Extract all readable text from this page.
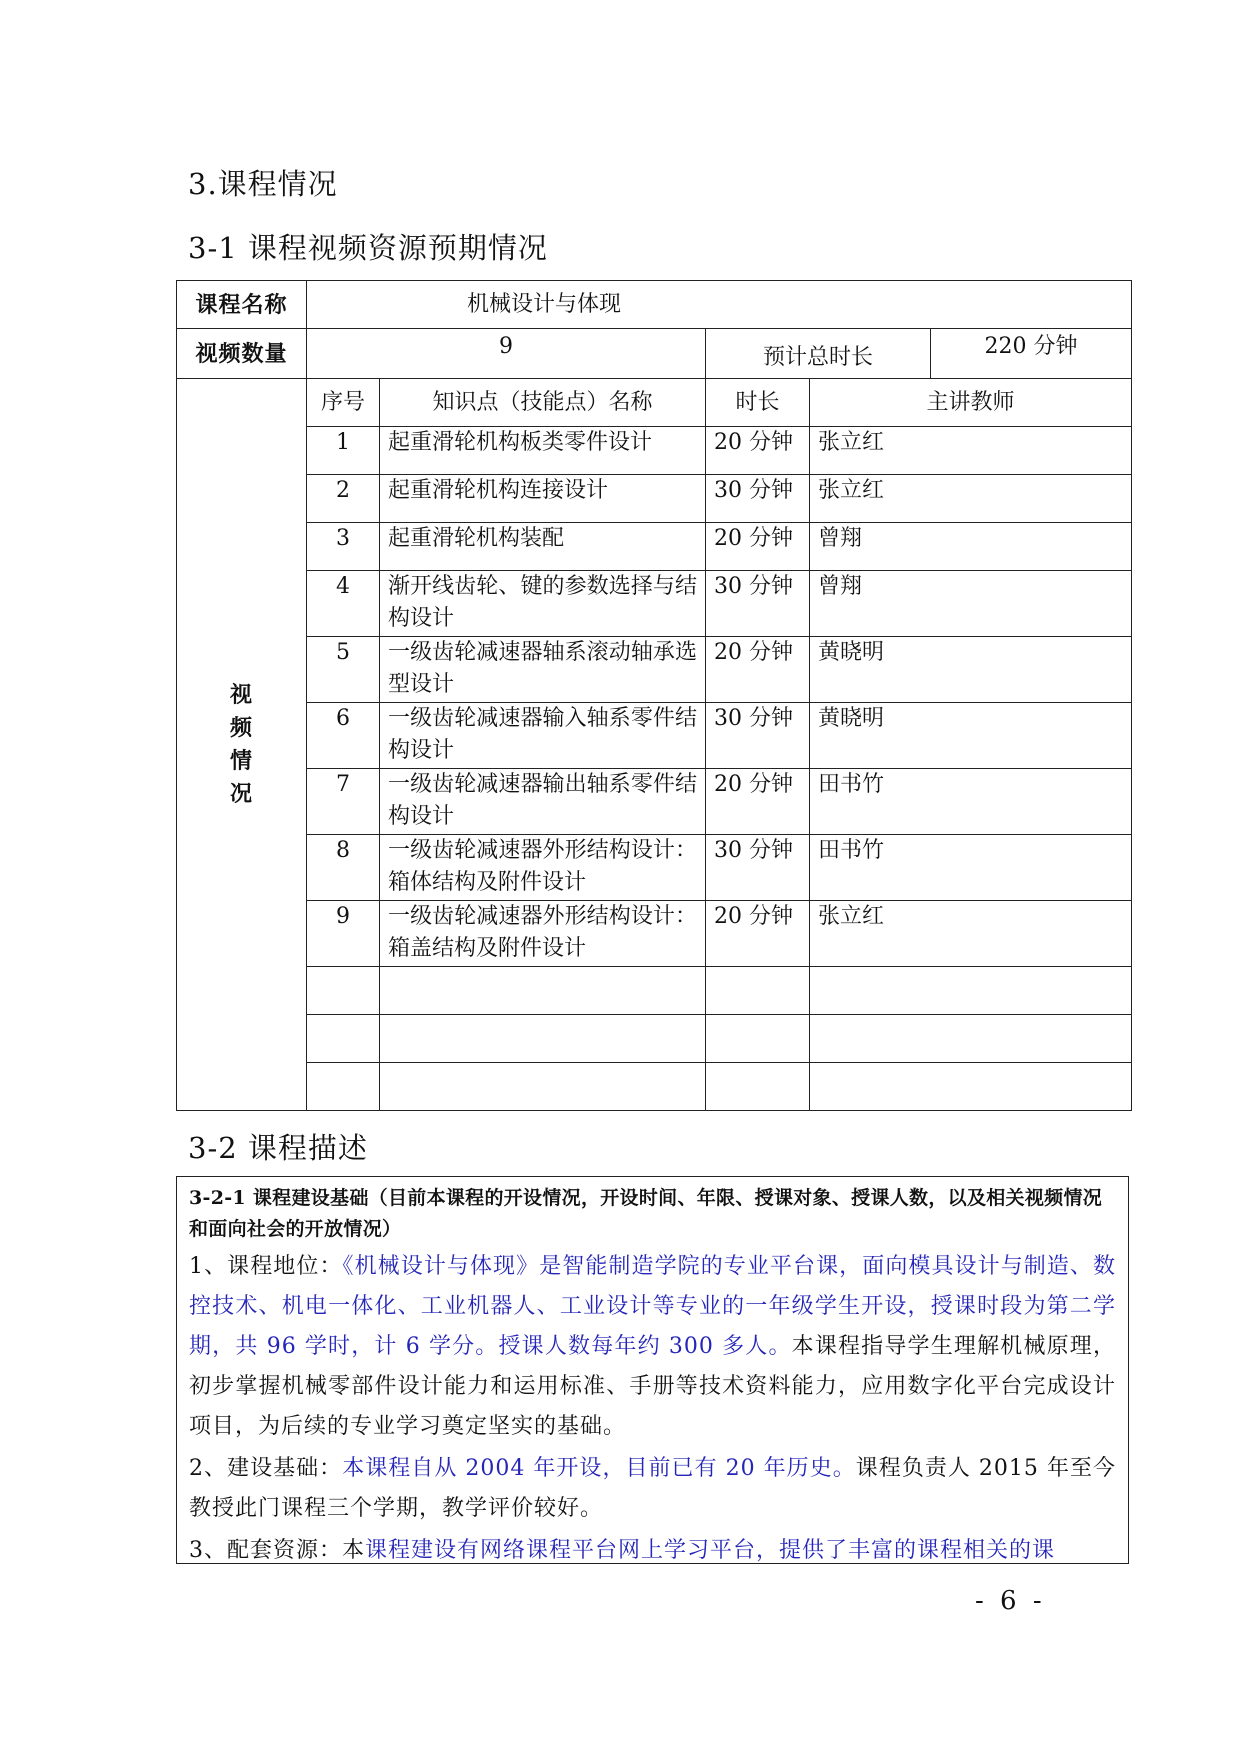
3.课程情况
3-1 课程视频资源预期情况
课程名称	机械设计与体现			
视频数量	9		预计总时长 220 分钟	

视
频
情
况	序号	知识点（技能点）名称	时长	主讲教师
	1	起重滑轮机构板类零件设计	20 分钟	张立红
	2	起重滑轮机构连接设计	30 分钟	张立红
	3	起重滑轮机构装配	20 分钟	曾翔
	4	渐开线齿轮、键的参数选择与结构设计	30 分钟	曾翔
	5	一级齿轮减速器轴系滚动轴承选型设计	20 分钟	黄晓明
	6	一级齿轮减速器输入轴系零件结构设计	30 分钟	黄晓明
	7	一级齿轮减速器输出轴系零件结构设计	20 分钟	田书竹
	8	一级齿轮减速器外形结构设计：箱体结构及附件设计	30 分钟	田书竹
	9	一级齿轮减速器外形结构设计：箱盖结构及附件设计	20 分钟	张立红

3-2 课程描述

3-2-1 课程建设基础（目前本课程的开设情况，开设时间、年限、授课对象、授课人数，以及相关视频情况和面向社会的开放情况）

1、课程地位：《机械设计与体现》是智能制造学院的专业平台课，面向模具设计与制造、数控技术、机电一体化、工业机器人、工业设计等专业的一年级学生开设，授课时段为第二学期，共 96 学时，计 6 学分。授课人数每年约 300 多人。本课程指导学生理解机械原理，初步掌握机械零部件设计能力和运用标准、手册等技术资料能力，应用数字化平台完成设计项目，为后续的专业学习奠定坚实的基础。

2、建设基础：本课程自从 2004 年开设，目前已有 20 年历史。课程负责人 2015 年至今教授此门课程三个学期，教学评价较好。

3、配套资源：本课程建设有网络课程平台网上学习平台，提供了丰富的课程相关的课

- 6 -
